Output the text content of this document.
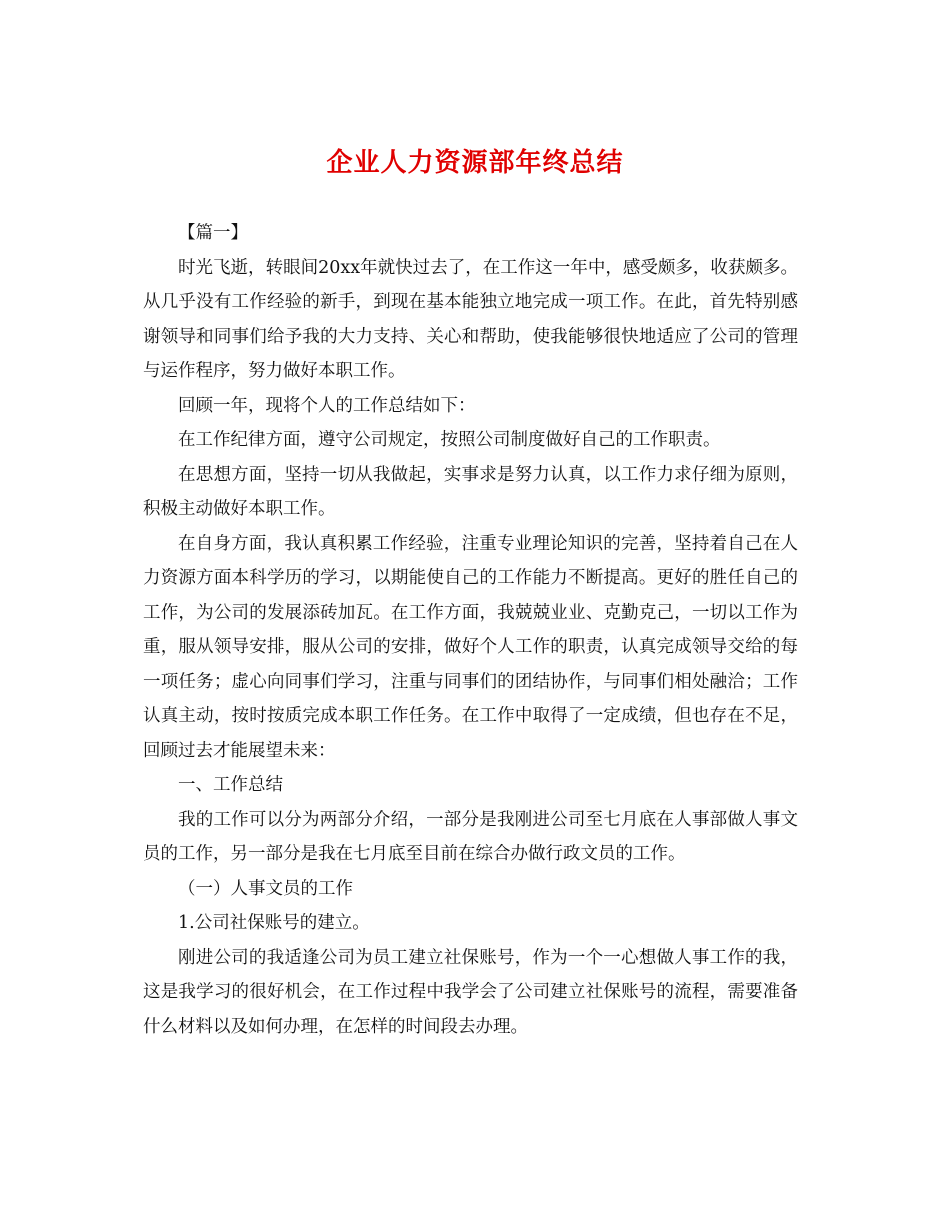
企业人力资源部年终总结

【篇一】

时光飞逝，转眼间20xx年就快过去了，在工作这一年中，感受颇多，收获颇多。从几乎没有工作经验的新手，到现在基本能独立地完成一项工作。在此，首先特别感谢领导和同事们给予我的大力支持、关心和帮助，使我能够很快地适应了公司的管理与运作程序，努力做好本职工作。

回顾一年，现将个人的工作总结如下：

在工作纪律方面，遵守公司规定，按照公司制度做好自己的工作职责。

在思想方面，坚持一切从我做起，实事求是努力认真，以工作力求仔细为原则，积极主动做好本职工作。

在自身方面，我认真积累工作经验，注重专业理论知识的完善，坚持着自己在人力资源方面本科学历的学习，以期能使自己的工作能力不断提高。更好的胜任自己的工作，为公司的发展添砖加瓦。在工作方面，我兢兢业业、克勤克己，一切以工作为重，服从领导安排，服从公司的安排，做好个人工作的职责，认真完成领导交给的每一项任务；虚心向同事们学习，注重与同事们的团结协作，与同事们相处融洽；工作认真主动，按时按质完成本职工作任务。在工作中取得了一定成绩，但也存在不足，回顾过去才能展望未来：

一、工作总结

我的工作可以分为两部分介绍，一部分是我刚进公司至七月底在人事部做人事文员的工作，另一部分是我在七月底至目前在综合办做行政文员的工作。

（一）人事文员的工作

1.公司社保账号的建立。

刚进公司的我适逢公司为员工建立社保账号，作为一个一心想做人事工作的我，这是我学习的很好机会，在工作过程中我学会了公司建立社保账号的流程，需要准备什么材料以及如何办理，在怎样的时间段去办理。
